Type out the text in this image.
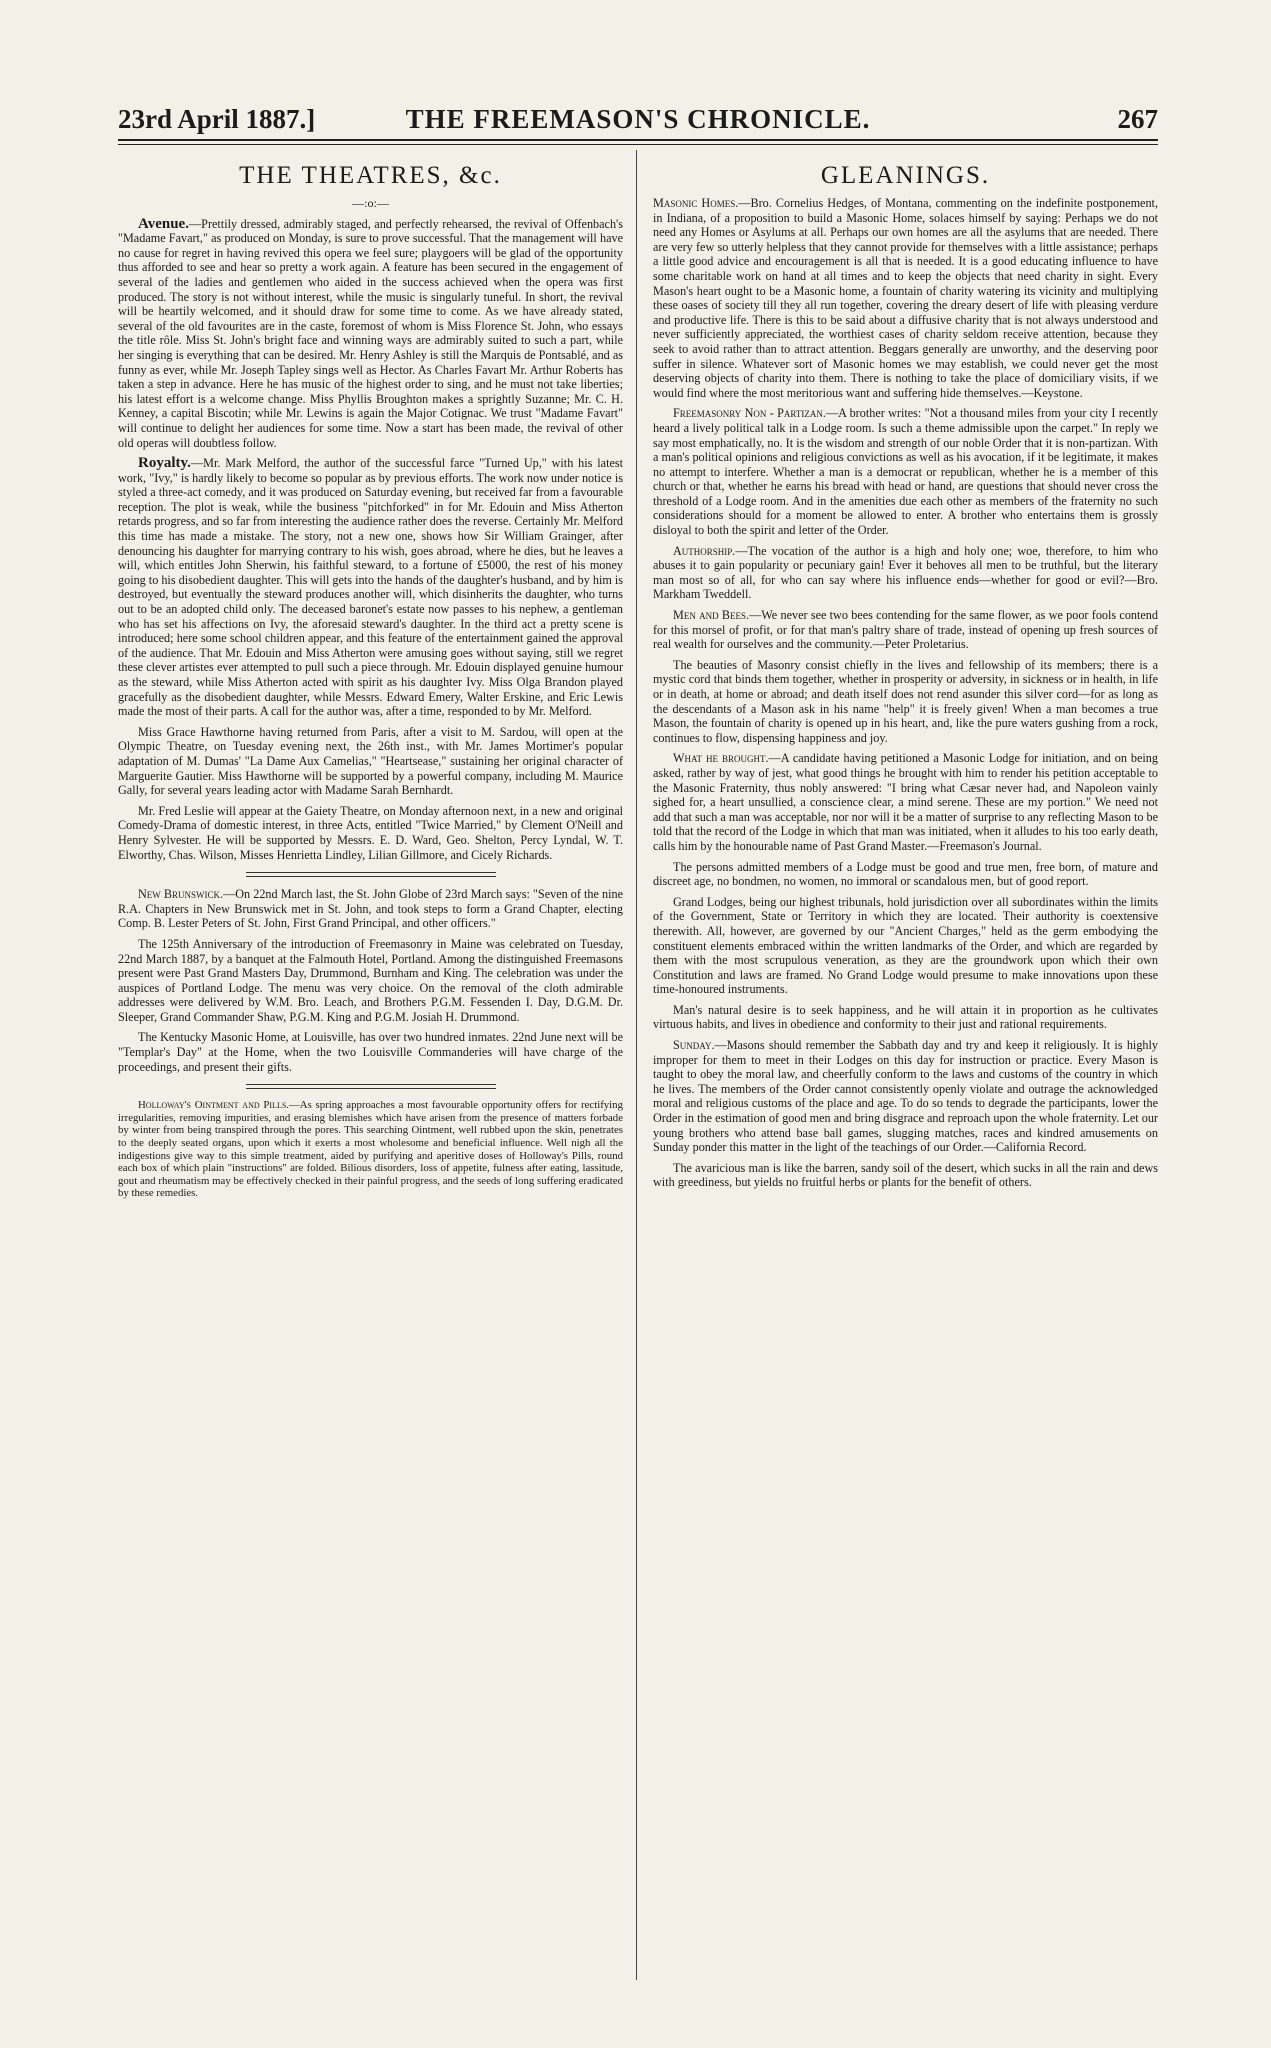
23rd April 1887.]	THE FREEMASON'S CHRONICLE.	267
THE THEATRES, &c.
—:o:—

Avenue.—Prettily dressed, admirably staged, and perfectly rehearsed, the revival of Offenbach's "Madame Favart," as produced on Monday, is sure to prove successful. That the management will have no cause for regret in having revived this opera we feel sure; playgoers will be glad of the opportunity thus afforded to see and hear so pretty a work again. A feature has been secured in the engagement of several of the ladies and gentlemen who aided in the success achieved when the opera was first produced. The story is not without interest, while the music is singularly tuneful. In short, the revival will be heartily welcomed, and it should draw for some time to come. As we have already stated, several of the old favourites are in the caste, foremost of whom is Miss Florence St. John, who essays the title rôle. Miss St. John's bright face and winning ways are admirably suited to such a part, while her singing is everything that can be desired. Mr. Henry Ashley is still the Marquis de Pontsablé, and as funny as ever, while Mr. Joseph Tapley sings well as Hector. As Charles Favart Mr. Arthur Roberts has taken a step in advance. Here he has music of the highest order to sing, and he must not take liberties; his latest effort is a welcome change. Miss Phyllis Broughton makes a sprightly Suzanne; Mr. C. H. Kenney, a capital Biscotin; while Mr. Lewins is again the Major Cotignac. We trust "Madame Favart" will continue to delight her audiences for some time. Now a start has been made, the revival of other old operas will doubtless follow.

Royalty.—Mr. Mark Melford, the author of the successful farce "Turned Up," with his latest work, "Ivy," is hardly likely to become so popular as by previous efforts. The work now under notice is styled a three-act comedy, and it was produced on Saturday evening, but received far from a favourable reception. The plot is weak, while the business "pitchforked" in for Mr. Edouin and Miss Atherton retards progress, and so far from interesting the audience rather does the reverse. Certainly Mr. Melford this time has made a mistake. The story, not a new one, shows how Sir William Grainger, after denouncing his daughter for marrying contrary to his wish, goes abroad, where he dies, but he leaves a will, which entitles John Sherwin, his faithful steward, to a fortune of £5000, the rest of his money going to his disobedient daughter. This will gets into the hands of the daughter's husband, and by him is destroyed, but eventually the steward produces another will, which disinherits the daughter, who turns out to be an adopted child only. The deceased baronet's estate now passes to his nephew, a gentleman who has set his affections on Ivy, the aforesaid steward's daughter. In the third act a pretty scene is introduced; here some school children appear, and this feature of the entertainment gained the approval of the audience. That Mr. Edouin and Miss Atherton were amusing goes without saying, still we regret these clever artistes ever attempted to pull such a piece through. Mr. Edouin displayed genuine humour as the steward, while Miss Atherton acted with spirit as his daughter Ivy. Miss Olga Brandon played gracefully as the disobedient daughter, while Messrs. Edward Emery, Walter Erskine, and Eric Lewis made the most of their parts. A call for the author was, after a time, responded to by Mr. Melford.

Miss Grace Hawthorne having returned from Paris, after a visit to M. Sardou, will open at the Olympic Theatre, on Tuesday evening next, the 26th inst., with Mr. James Mortimer's popular adaptation of M. Dumas' "La Dame Aux Camelias," "Heartsease," sustaining her original character of Marguerite Gautier. Miss Hawthorne will be supported by a powerful company, including M. Maurice Gally, for several years leading actor with Madame Sarah Bernhardt.

Mr. Fred Leslie will appear at the Gaiety Theatre, on Monday afternoon next, in a new and original Comedy-Drama of domestic interest, in three Acts, entitled "Twice Married," by Clement O'Neill and Henry Sylvester. He will be supported by Messrs. E. D. Ward, Geo. Shelton, Percy Lyndal, W. T. Elworthy, Chas. Wilson, Misses Henrietta Lindley, Lilian Gillmore, and Cicely Richards.

New Brunswick.—On 22nd March last, the St. John Globe of 23rd March says: "Seven of the nine R.A. Chapters in New Brunswick met in St. John, and took steps to form a Grand Chapter, electing Comp. B. Lester Peters of St. John, First Grand Principal, and other officers."

The 125th Anniversary of the introduction of Freemasonry in Maine was celebrated on Tuesday, 22nd March 1887, by a banquet at the Falmouth Hotel, Portland. Among the distinguished Freemasons present were Past Grand Masters Day, Drummond, Burnham and King. The celebration was under the auspices of Portland Lodge. The menu was very choice. On the removal of the cloth admirable addresses were delivered by W.M. Bro. Leach, and Brothers P.G.M. Fessenden I. Day, D.G.M. Dr. Sleeper, Grand Commander Shaw, P.G.M. King and P.G.M. Josiah H. Drummond.

The Kentucky Masonic Home, at Louisville, has over two hundred inmates. 22nd June next will be "Templar's Day" at the Home, when the two Louisville Commanderies will have charge of the proceedings, and present their gifts.

Holloway's Ointment and Pills.—As spring approaches a most favourable opportunity offers for rectifying irregularities, removing impurities, and erasing blemishes which have arisen from the presence of matters forbade by winter from being transpired through the pores. This searching Ointment, well rubbed upon the skin, penetrates to the deeply seated organs, upon which it exerts a most wholesome and beneficial influence. Well nigh all the indigestions give way to this simple treatment, aided by purifying and aperitive doses of Holloway's Pills, round each box of which plain "instructions" are folded. Bilious disorders, loss of appetite, fulness after eating, lassitude, gout and rheumatism may be effectively checked in their painful progress, and the seeds of long suffering eradicated by these remedies.

GLEANINGS.

Masonic Homes.—Bro. Cornelius Hedges, of Montana, commenting on the indefinite postponement, in Indiana, of a proposition to build a Masonic Home, solaces himself by saying: Perhaps we do not need any Homes or Asylums at all. Perhaps our own homes are all the asylums that are needed. There are very few so utterly helpless that they cannot provide for themselves with a little assistance; perhaps a little good advice and encouragement is all that is needed. It is a good educating influence to have some charitable work on hand at all times and to keep the objects that need charity in sight. Every Mason's heart ought to be a Masonic home, a fountain of charity watering its vicinity and multiplying these oases of society till they all run together, covering the dreary desert of life with pleasing verdure and productive life. There is this to be said about a diffusive charity that is not always understood and never sufficiently appreciated, the worthiest cases of charity seldom receive attention, because they seek to avoid rather than to attract attention. Beggars generally are unworthy, and the deserving poor suffer in silence. Whatever sort of Masonic homes we may establish, we could never get the most deserving objects of charity into them. There is nothing to take the place of domiciliary visits, if we would find where the most meritorious want and suffering hide themselves.—Keystone.

Freemasonry Non - Partizan.—A brother writes: "Not a thousand miles from your city I recently heard a lively political talk in a Lodge room. Is such a theme admissible upon the carpet." In reply we say most emphatically, no. It is the wisdom and strength of our noble Order that it is non-partizan. With a man's political opinions and religious convictions as well as his avocation, if it be legitimate, it makes no attempt to interfere. Whether a man is a democrat or republican, whether he is a member of this church or that, whether he earns his bread with head or hand, are questions that should never cross the threshold of a Lodge room. And in the amenities due each other as members of the fraternity no such considerations should for a moment be allowed to enter. A brother who entertains them is grossly disloyal to both the spirit and letter of the Order.

Authorship.—The vocation of the author is a high and holy one; woe, therefore, to him who abuses it to gain popularity or pecuniary gain! Ever it behoves all men to be truthful, but the literary man most so of all, for who can say where his influence ends—whether for good or evil?—Bro. Markham Tweddell.

Men and Bees.—We never see two bees contending for the same flower, as we poor fools contend for this morsel of profit, or for that man's paltry share of trade, instead of opening up fresh sources of real wealth for ourselves and the community.—Peter Proletarius.

The beauties of Masonry consist chiefly in the lives and fellowship of its members; there is a mystic cord that binds them together, whether in prosperity or adversity, in sickness or in health, in life or in death, at home or abroad; and death itself does not rend asunder this silver cord—for as long as the descendants of a Mason ask in his name "help" it is freely given! When a man becomes a true Mason, the fountain of charity is opened up in his heart, and, like the pure waters gushing from a rock, continues to flow, dispensing happiness and joy.

What he brought.—A candidate having petitioned a Masonic Lodge for initiation, and on being asked, rather by way of jest, what good things he brought with him to render his petition acceptable to the Masonic Fraternity, thus nobly answered: "I bring what Cæsar never had, and Napoleon vainly sighed for, a heart unsullied, a conscience clear, a mind serene. These are my portion." We need not add that such a man was acceptable, nor nor will it be a matter of surprise to any reflecting Mason to be told that the record of the Lodge in which that man was initiated, when it alludes to his too early death, calls him by the honourable name of Past Grand Master.—Freemason's Journal.

The persons admitted members of a Lodge must be good and true men, free born, of mature and discreet age, no bondmen, no women, no immoral or scandalous men, but of good report.

Grand Lodges, being our highest tribunals, hold jurisdiction over all subordinates within the limits of the Government, State or Territory in which they are located. Their authority is coextensive therewith. All, however, are governed by our "Ancient Charges," held as the germ embodying the constituent elements embraced within the written landmarks of the Order, and which are regarded by them with the most scrupulous veneration, as they are the groundwork upon which their own Constitution and laws are framed. No Grand Lodge would presume to make innovations upon these time-honoured instruments.

Man's natural desire is to seek happiness, and he will attain it in proportion as he cultivates virtuous habits, and lives in obedience and conformity to their just and rational requirements.

Sunday.—Masons should remember the Sabbath day and try and keep it religiously. It is highly improper for them to meet in their Lodges on this day for instruction or practice. Every Mason is taught to obey the moral law, and cheerfully conform to the laws and customs of the country in which he lives. The members of the Order cannot consistently openly violate and outrage the acknowledged moral and religious customs of the place and age. To do so tends to degrade the participants, lower the Order in the estimation of good men and bring disgrace and reproach upon the whole fraternity. Let our young brothers who attend base ball games, slugging matches, races and kindred amusements on Sunday ponder this matter in the light of the teachings of our Order.—California Record.

The avaricious man is like the barren, sandy soil of the desert, which sucks in all the rain and dews with greediness, but yields no fruitful herbs or plants for the benefit of others.
